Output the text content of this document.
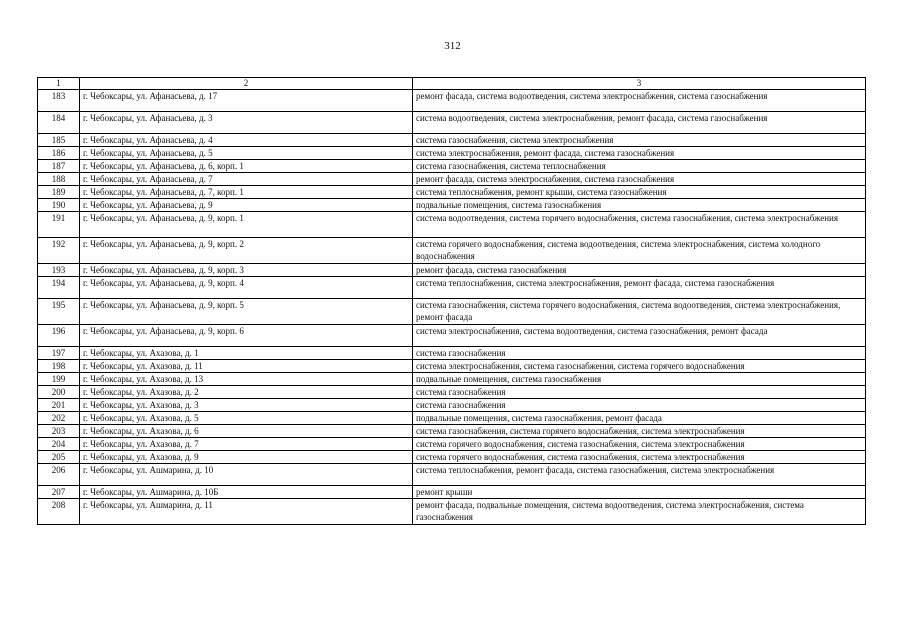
312
1	2	3
183	г. Чебоксары, ул. Афанасьева, д. 17	ремонт фасада, система водоотведения, система электроснабжения, система газоснабжения
184	г. Чебоксары, ул. Афанасьева, д. 3	система водоотведения, система электроснабжения, ремонт фасада, система газоснабжения
185	г. Чебоксары, ул. Афанасьева, д. 4	система газоснабжения, система электроснабжения
186	г. Чебоксары, ул. Афанасьева, д. 5	система электроснабжения, ремонт фасада, система газоснабжения
187	г. Чебоксары, ул. Афанасьева, д. 6, корп. 1	система газоснабжения, система теплоснабжения
188	г. Чебоксары, ул. Афанасьева, д. 7	ремонт фасада, система электроснабжения, система газоснабжения
189	г. Чебоксары, ул. Афанасьева, д. 7, корп. 1	система теплоснабжения, ремонт крыши, система газоснабжения
190	г. Чебоксары, ул. Афанасьева, д. 9	подвальные помещения, система газоснабжения
191	г. Чебоксары, ул. Афанасьева, д. 9, корп. 1	система водоотведения, система горячего водоснабжения, система газоснабжения, система электроснабжения
192	г. Чебоксары, ул. Афанасьева, д. 9, корп. 2	система горячего водоснабжения, система водоотведения, система электроснабжения, система холодного водоснабжения
193	г. Чебоксары, ул. Афанасьева, д. 9, корп. 3	ремонт фасада, система газоснабжения
194	г. Чебоксары, ул. Афанасьева, д. 9, корп. 4	система теплоснабжения, система электроснабжения, ремонт фасада, система газоснабжения
195	г. Чебоксары, ул. Афанасьева, д. 9, корп. 5	система газоснабжения, система горячего водоснабжения, система водоотведения, система электроснабжения, ремонт фасада
196	г. Чебоксары, ул. Афанасьева, д. 9, корп. 6	система электроснабжения, система водоотведения, система газоснабжения, ремонт фасада
197	г. Чебоксары, ул. Ахазова, д. 1	система газоснабжения
198	г. Чебоксары, ул. Ахазова, д. 11	система электроснабжения, система газоснабжения, система горячего водоснабжения
199	г. Чебоксары, ул. Ахазова, д. 13	подвальные помещения, система газоснабжения
200	г. Чебоксары, ул. Ахазова, д. 2	система газоснабжения
201	г. Чебоксары, ул. Ахазова, д. 3	система газоснабжения
202	г. Чебоксары, ул. Ахазова, д. 5	подвальные помещения, система газоснабжения, ремонт фасада
203	г. Чебоксары, ул. Ахазова, д. 6	система газоснабжения, система горячего водоснабжения, система электроснабжения
204	г. Чебоксары, ул. Ахазова, д. 7	система горячего водоснабжения, система газоснабжения, система электроснабжения
205	г. Чебоксары, ул. Ахазова, д. 9	система горячего водоснабжения, система газоснабжения, система электроснабжения
206	г. Чебоксары, ул. Ашмарина, д. 10	система теплоснабжения, ремонт фасада, система газоснабжения, система электроснабжения
207	г. Чебоксары, ул. Ашмарина, д. 10Б	ремонт крыши
208	г. Чебоксары, ул. Ашмарина, д. 11	ремонт фасада, подвальные помещения, система водоотведения, система электроснабжения, система газоснабжения
